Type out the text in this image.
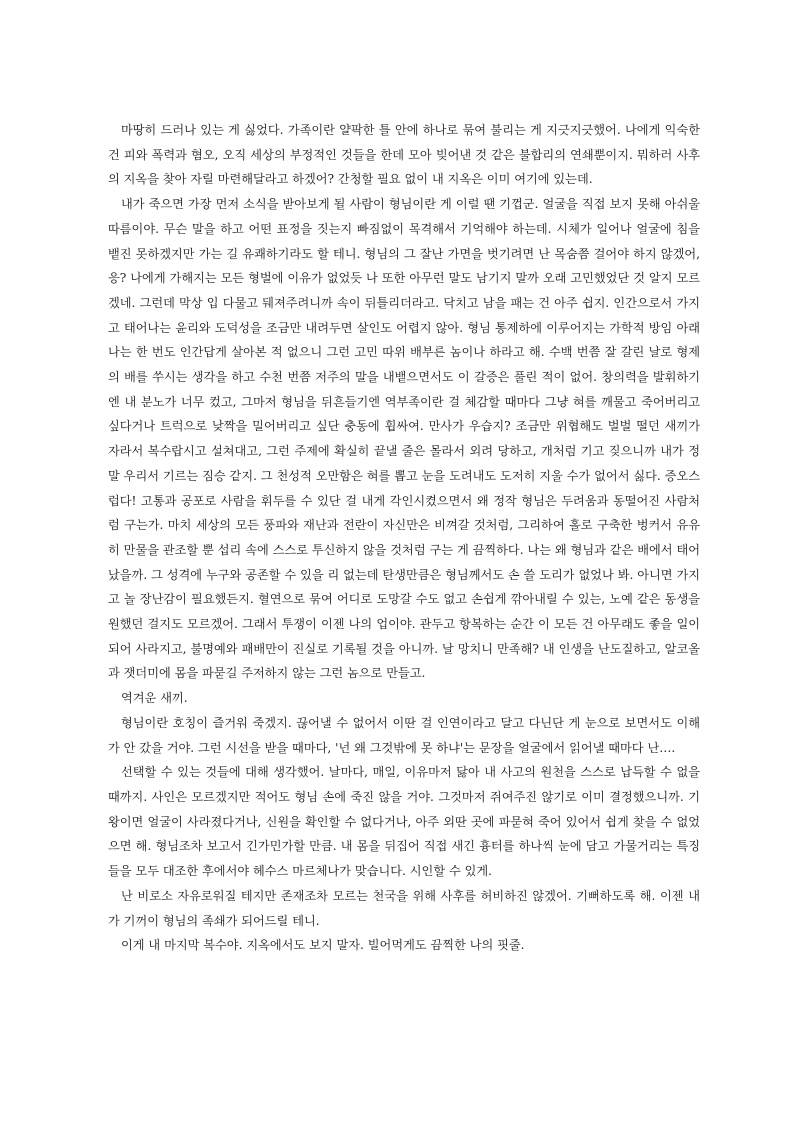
마땅히 드러나 있는 게 싫었다. 가족이란 얄팍한 틀 안에 하나로 묶여 불리는 게 지긋지긋했어. 나에게 익숙한 건 피와 폭력과 혐오, 오직 세상의 부정적인 것들을 한데 모아 빚어낸 것 같은 불합리의 연쇄뿐이지. 뭐하러 사후의 지옥을 찾아 자릴 마련해달라고 하겠어? 간청할 필요 없이 내 지옥은 이미 여기에 있는데.

내가 죽으면 가장 먼저 소식을 받아보게 될 사람이 형님이란 게 이럴 땐 기껍군. 얼굴을 직접 보지 못해 아쉬울 따름이야. 무슨 말을 하고 어떤 표정을 짓는지 빠짐없이 목격해서 기억해야 하는데. 시체가 일어나 얼굴에 침을 뱉진 못하겠지만 가는 길 유쾌하기라도 할 테니. 형님의 그 잘난 가면을 벗기려면 난 목숨쯤 걸어야 하지 않겠어, 응? 나에게 가해지는 모든 형벌에 이유가 없었듯 나 또한 아무런 말도 남기지 말까 오래 고민했었단 것 알지 모르겠네. 그런데 막상 입 다물고 뒈져주려니까 속이 뒤틀리더라고. 닥치고 남을 패는 건 아주 쉽지. 인간으로서 가지고 태어나는 윤리와 도덕성을 조금만 내려두면 살인도 어렵지 않아. 형님 통제하에 이루어지는 가학적 방임 아래 나는 한 번도 인간답게 살아본 적 없으니 그런 고민 따위 배부른 놈이나 하라고 해. 수백 번쯤 잘 갈린 날로 형제의 배를 쑤시는 생각을 하고 수천 번쯤 저주의 말을 내뱉으면서도 이 갈증은 풀린 적이 없어. 창의력을 발휘하기엔 내 분노가 너무 컸고, 그마저 형님을 뒤흔들기엔 역부족이란 걸 체감할 때마다 그냥 혀를 깨물고 죽어버리고 싶다거나 트럭으로 낮짝을 밀어버리고 싶단 충동에 휩싸여. 만사가 우습지? 조금만 위협해도 벌벌 떨던 새끼가 자라서 복수랍시고 설쳐대고, 그런 주제에 확실히 끝낼 줄은 몰라서 외려 당하고, 개처럼 기고 짖으니까 내가 정말 우리서 기르는 짐승 같지. 그 천성적 오만함은 혀를 뽑고 눈을 도려내도 도저히 지울 수가 없어서 싫다. 증오스럽다! 고통과 공포로 사람을 휘두를 수 있단 걸 내게 각인시켰으면서 왜 정작 형님은 두려움과 동떨어진 사람처럼 구는가. 마치 세상의 모든 풍파와 재난과 전란이 자신만은 비껴갈 것처럼, 그리하여 홀로 구축한 벙커서 유유히 만물을 관조할 뿐 섭리 속에 스스로 투신하지 않을 것처럼 구는 게 끔찍하다. 나는 왜 형님과 같은 배에서 태어났을까. 그 성격에 누구와 공존할 수 있을 리 없는데 탄생만큼은 형님께서도 손 쓸 도리가 없었나 봐. 아니면 가지고 놀 장난감이 필요했든지. 혈연으로 묶여 어디로 도망갈 수도 없고 손쉽게 깎아내릴 수 있는, 노예 같은 동생을 원했던 걸지도 모르겠어. 그래서 투쟁이 이젠 나의 업이야. 관두고 항복하는 순간 이 모든 건 아무래도 좋을 일이 되어 사라지고, 불명예와 패배만이 진실로 기록될 것을 아니까. 날 망치니 만족해? 내 인생을 난도질하고, 알코올과 잿더미에 몸을 파묻길 주저하지 않는 그런 놈으로 만들고.

역겨운 새끼.

형님이란 호칭이 즐거워 죽겠지. 끊어낼 수 없어서 이딴 걸 인연이라고 달고 다닌단 게 눈으로 보면서도 이해가 안 갔을 거야. 그런 시선을 받을 때마다, '넌 왜 그것밖에 못 하냐'는 문장을 얼굴에서 읽어낼 때마다 난….

선택할 수 있는 것들에 대해 생각했어. 날마다, 매일, 이유마저 닳아 내 사고의 원천을 스스로 납득할 수 없을 때까지. 사인은 모르겠지만 적어도 형님 손에 죽진 않을 거야. 그것마저 쥐여주진 않기로 이미 결정했으니까. 기왕이면 얼굴이 사라졌다거나, 신원을 확인할 수 없다거나, 아주 외딴 곳에 파묻혀 죽어 있어서 쉽게 찾을 수 없었으면 해. 형님조차 보고서 긴가민가할 만큼. 내 몸을 뒤집어 직접 새긴 흉터를 하나씩 눈에 담고 가물거리는 특징들을 모두 대조한 후에서야 헤수스 마르체나가 맞습니다. 시인할 수 있게.

난 비로소 자유로워질 테지만 존재조차 모르는 천국을 위해 사후를 허비하진 않겠어. 기뻐하도록 해. 이젠 내가 기꺼이 형님의 족쇄가 되어드릴 테니.

이게 내 마지막 복수야. 지옥에서도 보지 말자. 빌어먹게도 끔찍한 나의 핏줄.
